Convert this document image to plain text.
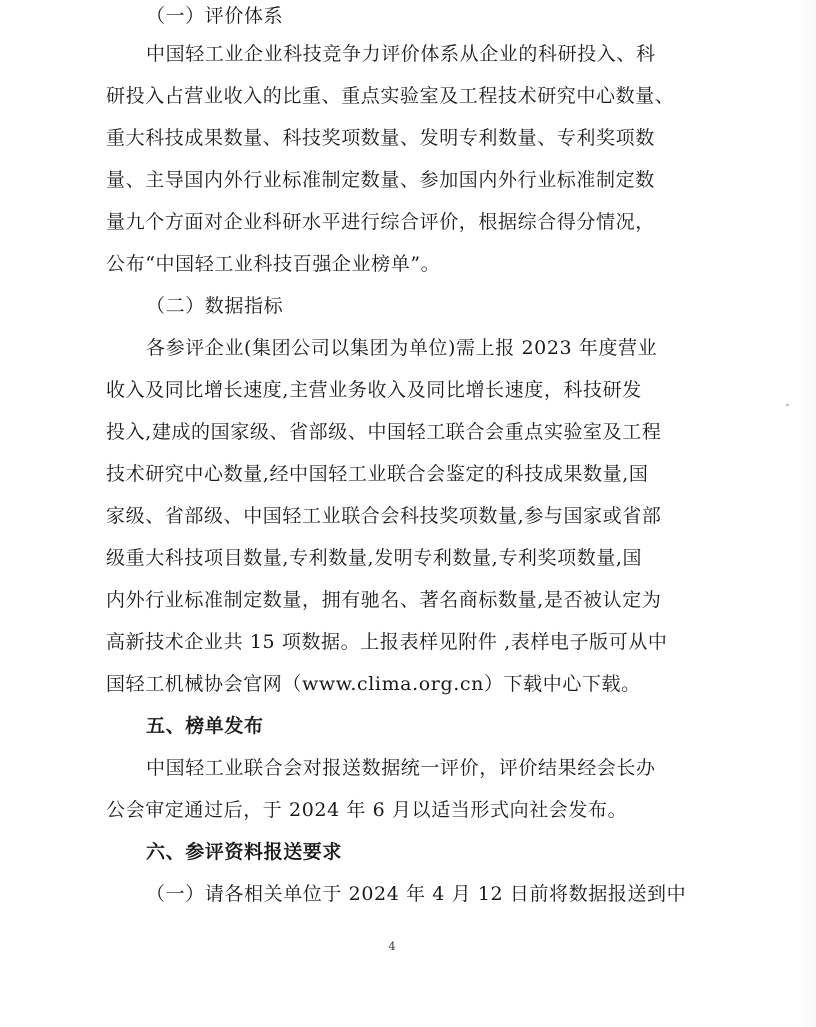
（一）评价体系
中国轻工业企业科技竞争力评价体系从企业的科研投入、科
研投入占营业收入的比重、重点实验室及工程技术研究中心数量、
重大科技成果数量、科技奖项数量、发明专利数量、专利奖项数
量、主导国内外行业标准制定数量、参加国内外行业标准制定数
量九个方面对企业科研水平进行综合评价，根据综合得分情况，
公布“中国轻工业科技百强企业榜单”。
（二）数据指标
各参评企业(集团公司以集团为单位)需上报 2023 年度营业
收入及同比增长速度,主营业务收入及同比增长速度，科技研发
投入,建成的国家级、省部级、中国轻工联合会重点实验室及工程
技术研究中心数量,经中国轻工业联合会鉴定的科技成果数量,国
家级、省部级、中国轻工业联合会科技奖项数量,参与国家或省部
级重大科技项目数量,专利数量,发明专利数量,专利奖项数量,国
内外行业标准制定数量，拥有驰名、著名商标数量,是否被认定为
高新技术企业共 15 项数据。上报表样见附件 ,表样电子版可从中
国轻工机械协会官网（www.clima.org.cn）下载中心下载。
五、榜单发布
中国轻工业联合会对报送数据统一评价，评价结果经会长办
公会审定通过后，于 2024 年 6 月以适当形式向社会发布。
六、参评资料报送要求
（一）请各相关单位于 2024 年 4 月 12 日前将数据报送到中
4
